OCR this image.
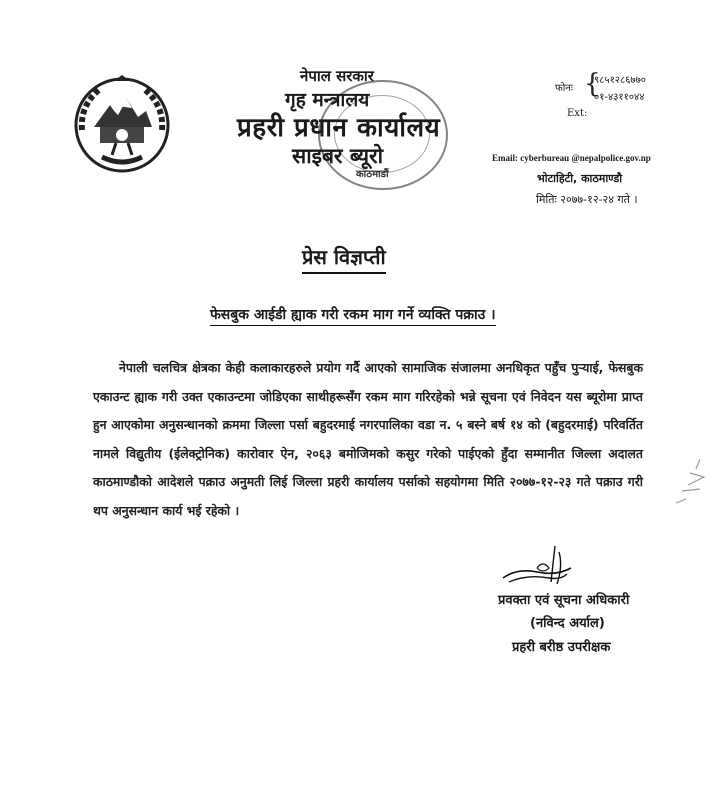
नेपाल सरकार
गृह मन्त्रालय
प्रहरी प्रधान कार्यालय
साइबर ब्यूरो
काठमाडौं
फोनः {
९८५१२८६७७०
०१-४३११०४४
Ext:
Email: cyberbureau @nepalpolice.gov.np
भोटाहिटी, काठमाण्डौ
मितिः २०७७-१२-२४ गते ।
प्रेस विज्ञप्ती
फेसबुक आईडी ह्याक गरी रकम माग गर्ने व्यक्ति पक्राउ ।
नेपाली चलचित्र क्षेत्रका केही कलाकारहरुले प्रयोग गर्दै आएको सामाजिक संजालमा अनधिकृत पहुँच पुऱ्याई, फेसबुक एकाउन्ट ह्याक गरी उक्त एकाउन्टमा जोडिएका साथीहरूसँग रकम माग गरिरहेको भन्ने सूचना एवं निवेदन यस ब्यूरोमा प्राप्त हुन आएकोमा अनुसन्धानको क्रममा जिल्ला पर्सा बहुदरमाई नगरपालिका वडा न. ५ बस्ने बर्ष १४ को (बहुदरमाई) परिवर्तित नामले विद्युतीय (ईलेक्ट्रोनिक) कारोवार ऐन, २०६३ बमोजिमको कसुर गरेको पाईएको हुँदा सम्मानीत जिल्ला अदालत काठमाण्डौको आदेशले पक्राउ अनुमती लिई जिल्ला प्रहरी कार्यालय पर्साको सहयोगमा मिति २०७७-१२-२३ गते पक्राउ गरी थप अनुसन्धान कार्य भई रहेको ।
प्रवक्ता एवं सूचना अधिकारी
(नविन्द अर्याल)
प्रहरी बरीष्ठ उपरीक्षक
